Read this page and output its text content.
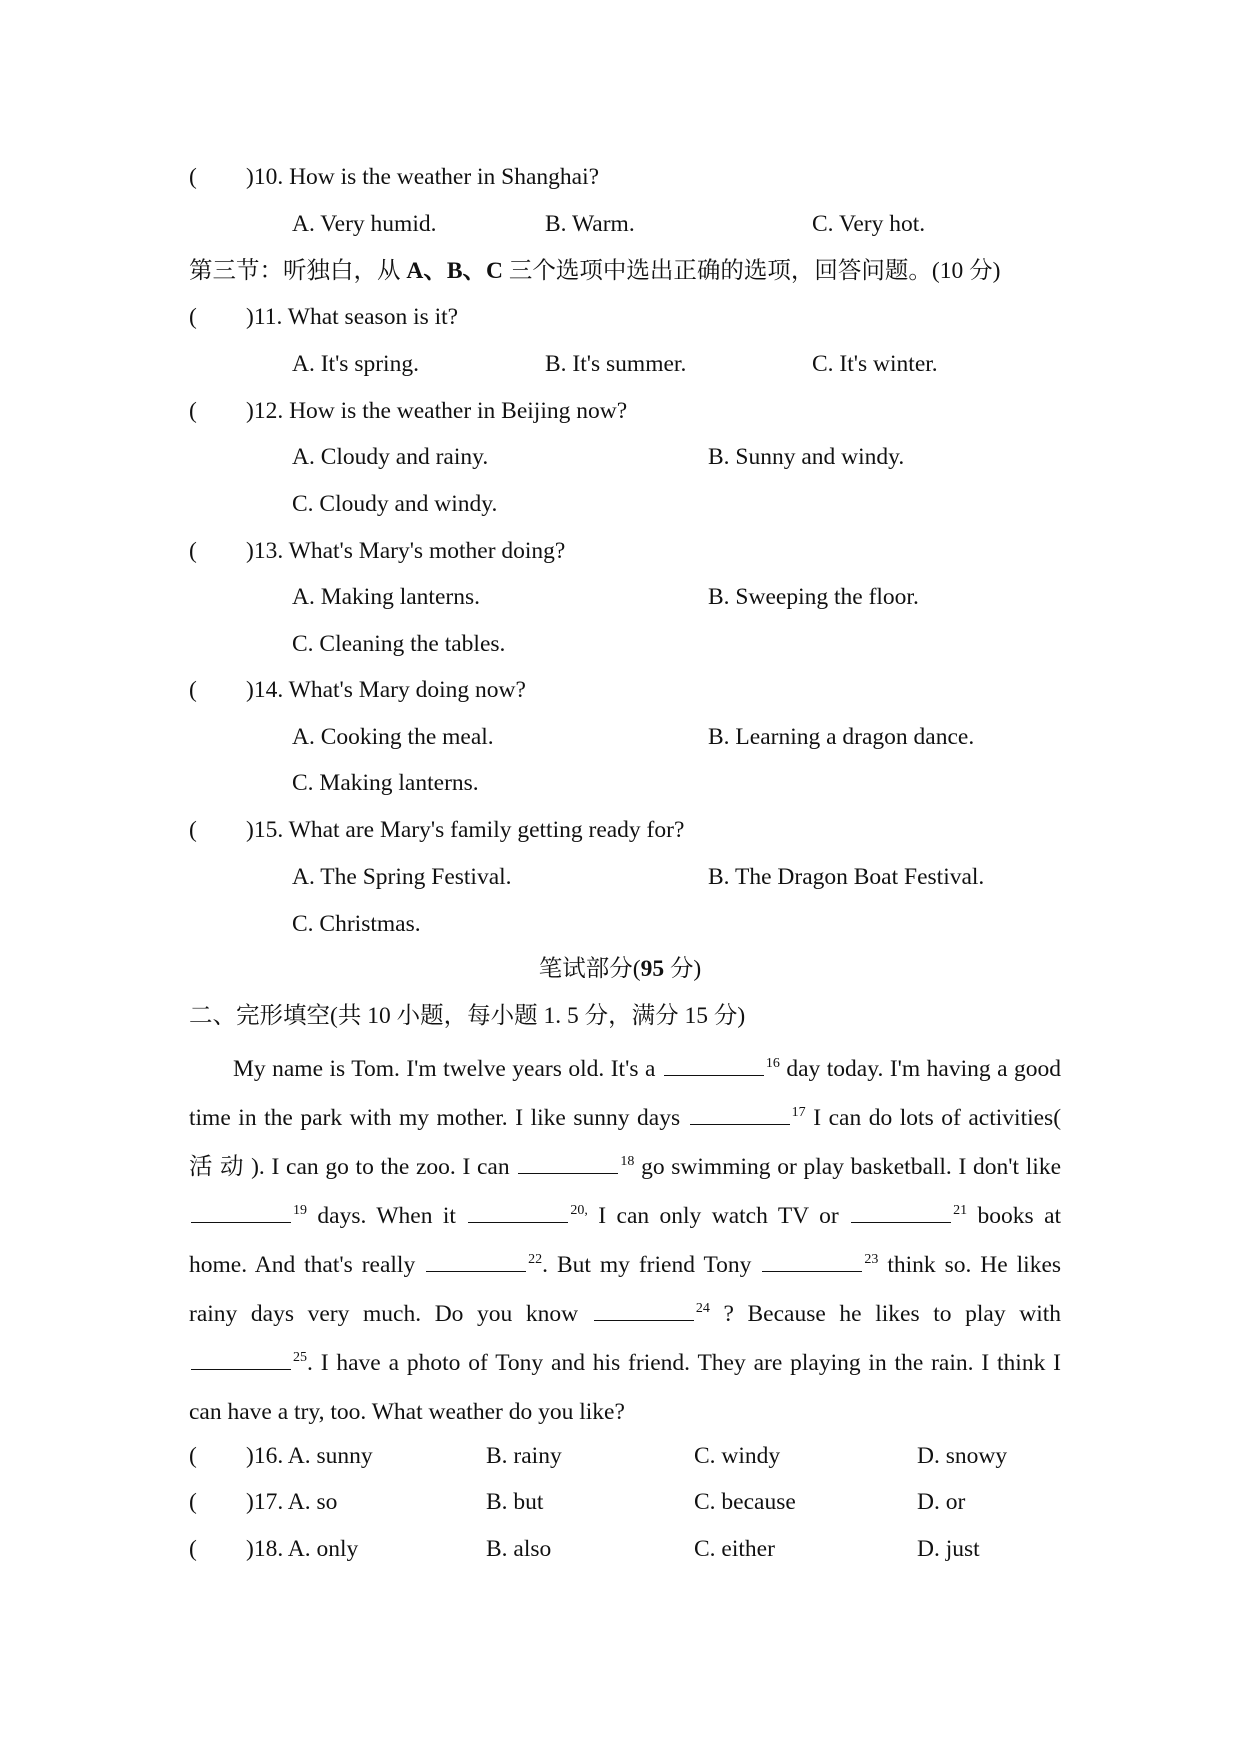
( )10. How is the weather in Shanghai?
A. Very humid.	B. Warm.	C. Very hot.
第三节：听独白，从 A、B、C 三个选项中选出正确的选项，回答问题。(10 分)
( )11. What season is it?
A. It's spring.	B. It's summer.	C. It's winter.
( )12. How is the weather in Beijing now?
A. Cloudy and rainy.	B. Sunny and windy.
C. Cloudy and windy.
( )13. What's Mary's mother doing?
A. Making lanterns.	B. Sweeping the floor.
C. Cleaning the tables.
( )14. What's Mary doing now?
A. Cooking the meal.	B. Learning a dragon dance.
C. Making lanterns.
( )15. What are Mary's family getting ready for?
A. The Spring Festival.	B. The Dragon Boat Festival.
C. Christmas.
笔试部分(95 分)
二、完形填空(共 10 小题，每小题 1. 5 分，满分 15 分)
My name is Tom. I'm twelve years old. It's a	$^{16}$ day today. I'm having a good time in the park with my mother. I like sunny days	$^{17}$ I can do lots of activities( 活 动 ). I can go to the zoo. I can	$^{18}$ go swimming or play basketball. I don't like $^{19}$ days. When it	$^{20,}$ I can only watch TV or	$^{21}$ books at home. And that's really	$^{22}$. But my friend Tony	$^{23}$ think so. He likes rainy days very much. Do you know	$^{24}$ ? Because he likes to play with $^{25}$. I have a photo of Tony and his friend. They are playing in the rain. I think I can have a try, too. What weather do you like?
( )16. A. sunny	B. rainy	C. windy	D. snowy
( )17. A. so	B. but	C. because	D. or
( )18. A. only	B. also	C. either	D. just
